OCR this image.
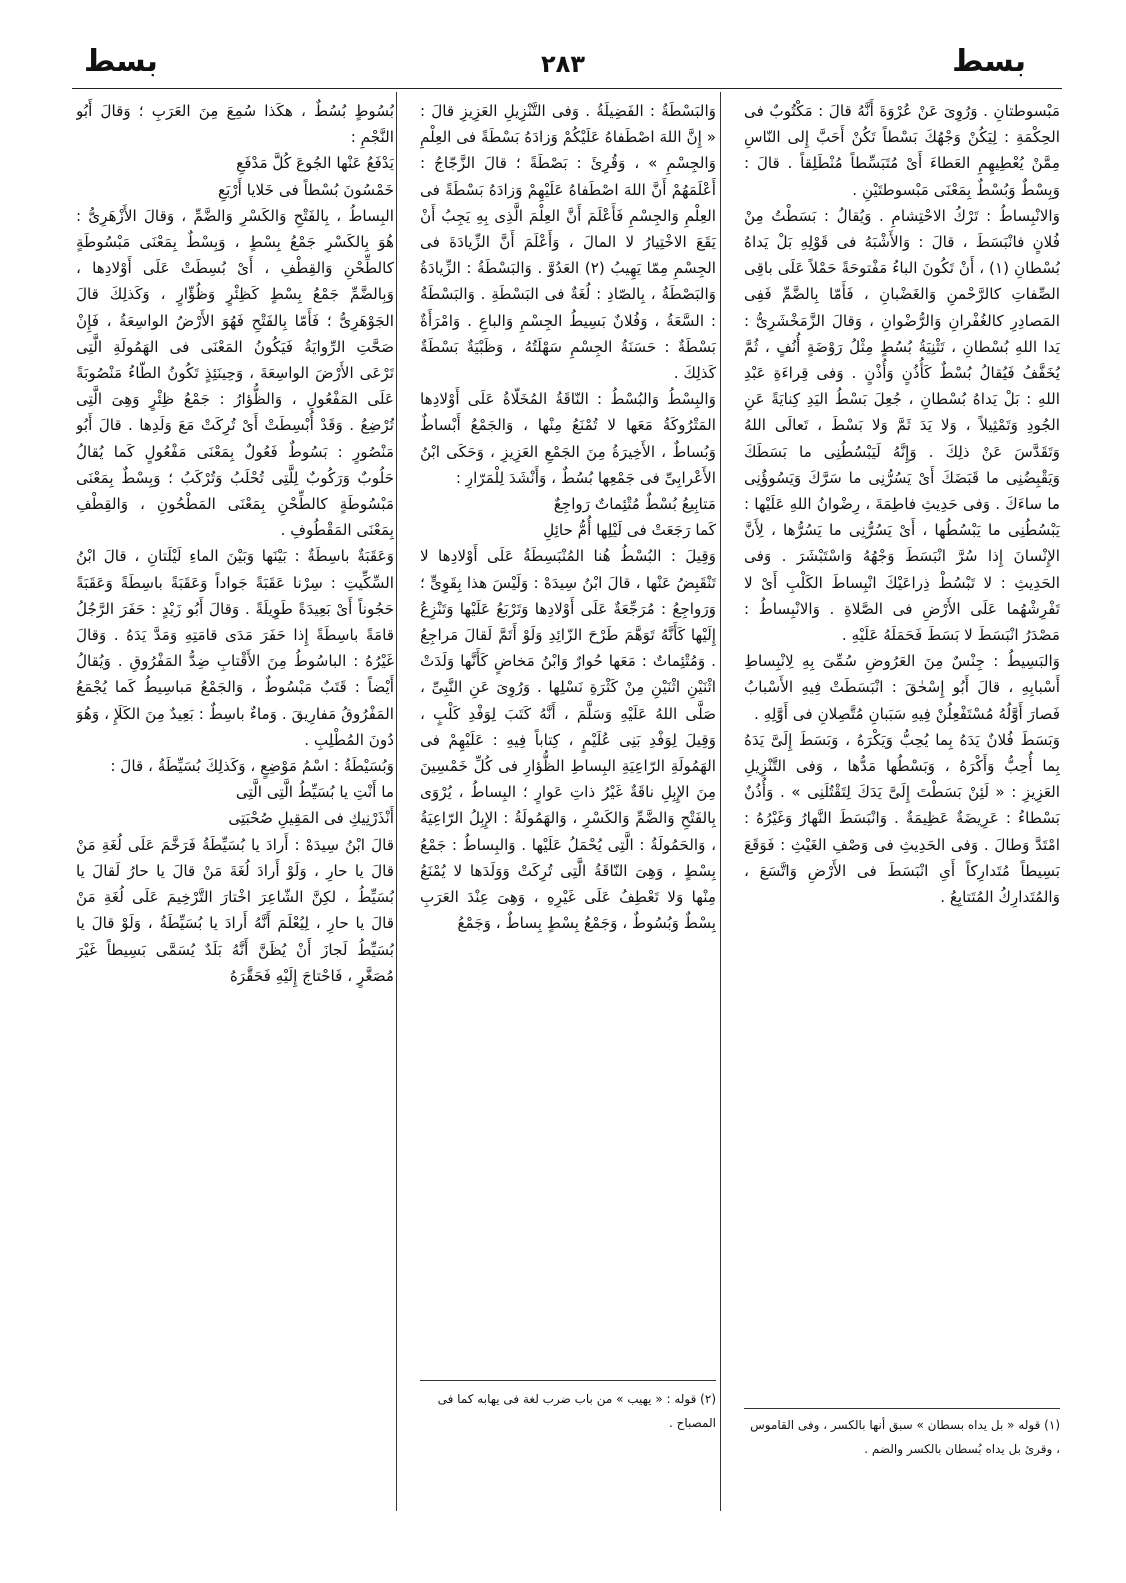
بسط
٢٨٣
بسط

مَبْسوطتانِ . وَرُوِىَ عَنْ عُرْوَةَ أَنَّهُ قالَ : مَكْتُوبٌ فى الحِكْمَةِ : لِيَكُنْ وَجْهُكَ بَسْطاً تَكُنْ أَحَبَّ إِلى النّاسِ مِمَّنْ يُعْطِيهِمِ العَطاءَ أَىْ مُتَبَسِّطاً مُنْطَلِقاً . قالَ : وَبِسْطٌ وَبُسْطٌ بِمَعْنَى مَبْسوطتَيْنِ .
وَالانْبِساطُ : تَرْكُ الاحْتِشامِ . وَيُقالُ : بَسَطْتُ مِنْ فُلانٍ فانْبَسَطَ ، قالَ : وَالأَشْبَهُ فى قَوْلِهِ بَلْ يَداهُ بُسْطانِ (١) ، أَنْ تَكُونَ الباءُ مَفْتوحَةً حَمْلاً عَلَى باقِى الصِّفاتِ كالرَّحْمنِ وَالغَضْبانِ ، فَأَمّا بِالضَّمِّ فَفِى المَصادِرِ كالغُفْرانِ وَالرُّضْوانِ ، وَقالَ الزَّمَخْشَرِىُّ : يَدا اللهِ بُسْطانِ ، تَثْنِيَةُ بُسُطٍ مِثْلُ رَوْضَةٍ أُنُفٍ ، ثُمَّ يُخَفَّفُ فَيُقالُ بُسْطٌ كَأُذُنٍ وَأُذْنٍ . وَفى قِراءَةِ عَبْدِ اللهِ : بَلْ يَداهُ بُسْطانِ ، جُعِلَ بَسْطُ اليَدِ كِنايَةً عَنِ الجُودِ وَتَمْثِيلاً ، وَلا يَدَ ثَمَّ وَلا بَسْطَ ، تَعالَى اللهُ وَتَقَدَّسَ عَنْ ذلِكَ . وَإِنَّهُ لَيَبْسُطُنِى ما بَسَطَكَ وَيَقْبِضُنِى ما قَبَضَكَ أَىْ يَسُرُّنِى ما سَرَّكَ وَيَسُوؤُنِى ما ساءَكَ . وَفى حَدِيثِ فاطِمَةَ ، رِضْوانُ اللهِ عَلَيْها : يَبْسُطُنِى ما يَبْسُطُها ، أَىْ يَسُرُّنِى ما يَسُرُّها ، لِأَنَّ الإِنْسانَ إِذا سُرَّ انْبَسَطَ وَجْهُهُ وَاسْتَبْشَرَ . وَفى الحَدِيثِ : لا تَبْسُطْ ذِراعَيْكَ انْبِساطَ الكَلْبِ أَىْ لا تَفْرِشْهُما عَلَى الأَرْضِ فى الصَّلاةِ . وَالانْبِساطُ : مَصْدَرُ انْبَسَطَ لا بَسَطَ فَحَمَلَهُ عَلَيْهِ .
وَالبَسِيطُ : جِنْسٌ مِنَ العَرُوضِ سُمِّىَ بِهِ لِانْبِساطِ أَسْبابِهِ ، قالَ أَبُو إِسْحٰقَ : انْبَسَطَتْ فِيهِ الأَسْبابُ فَصارَ أَوَّلُهُ مُسْتَفْعِلُنْ فِيهِ سَبَبانِ مُتَّصِلانِ فى أَوَّلِهِ .
وَبَسَطَ فُلانٌ يَدَهُ بِما يُحِبُّ وَيَكْرَهُ ، وَبَسَطَ إِلَىَّ يَدَهُ بِما أُحِبُّ وَأَكْرَهُ ، وَبَسْطُها مَدُّها ، وَفى التَّنْزِيلِ العَزِيزِ : « لَئِنْ بَسَطْتَ إِلَىَّ يَدَكَ لِتَقْتُلَنِى » . وَأُذُنٌ بَسْطاءُ : عَرِيضَةٌ عَظِيمَةٌ . وَانْبَسَطَ النَّهارُ وَغَيْرُهُ : امْتَدَّ وَطالَ . وَفى الحَدِيثِ فى وَصْفِ الغَيْثِ : فَوَقَعَ بَسِيطاً مُتَدارِكاً أَىِ انْبَسَطَ فى الأَرْضِ وَاتَّسَعَ ، وَالمُتَدارِكُ المُتَتابِعُ .

وَالبَسْطَةُ : الفَضِيلَةُ . وَفى التَّنْزِيلِ العَزِيزِ قالَ : « إِنَّ اللهَ اصْطَفاهُ عَلَيْكُمْ وَزادَهُ بَسْطَةً فى العِلْمِ وَالجِسْمِ » ، وَقُرِئَ : بَصْطَةً ؛ قالَ الزَّجّاجُ : أَعْلَمَهُمْ أَنَّ اللهَ اصْطَفاهُ عَلَيْهِمْ وَزادَهُ بَسْطَةً فى العِلْمِ وَالجِسْمِ فَأَعْلَمَ أَنَّ العِلْمَ الَّذِى بِهِ يَجِبُ أَنْ يَقَعَ الاخْتِيارُ لا المالَ ، وَأَعْلَمَ أَنَّ الزِّيادَةَ فى الجِسْمِ مِمّا يَهِيبُ (٢) العَدُوَّ . وَالبَسْطَةُ : الزِّيادَةُ وَالبَصْطَةُ ، بِالصّادِ : لُغَةٌ فى البَسْطَةِ . وَالبَسْطَةُ : السَّعَةُ ، وَفُلانٌ بَسِيطُ الجِسْمِ وَالباعِ . وَامْرَأَةٌ بَسْطَةٌ : حَسَنَةُ الجِسْمِ سَهْلَتُهُ ، وَظَبْيَةٌ بَسْطَةٌ كَذلِكَ .
وَالبِسْطُ وَالبُسْطُ : النّاقَةُ المُخَلّاةُ عَلَى أَوْلادِها المَتْرُوكَةُ مَعَها لا تُمْنَعُ مِنْها ، وَالجَمْعُ أَبْساطٌ وَبُساطٌ ، الأَخِيرَةُ مِنَ الجَمْعِ العَزِيزِ ، وَحَكَى ابْنُ الأَعْرابِىِّ فى جَمْعِها بُسُطٌ ، وَأَنْشَدَ لِلْمَرّارِ :
مَتابِيعُ بُسْطٌ مُتْئِماتٌ رَواجِعٌ
كَما رَجَعَتْ فى لَيْلِها أُمُّ حائِلِ
وَقِيلَ : البُسْطُ هُنا المُنْبَسِطَةُ عَلَى أَوْلادِها لا تَنْقَبِضُ عَنْها ، قالَ ابْنُ سِيدَهْ : وَلَيْسَ هذا بِقَوِىٍّ ؛ وَرَواجِعُ : مُرَجِّعَةٌ عَلَى أَوْلادِها وَتَرْبَعُ عَلَيْها وَتَنْزِعُ إِلَيْها كَأَنَّهُ تَوَهَّمَ طَرْحَ الزّائِدِ وَلَوْ أَتَمَّ لَقالَ مَراجِعُ . وَمُتْئِماتٌ : مَعَها حُوارٌ وَابْنُ مَخاضٍ كَأَنَّها وَلَدَتْ اثْنَيْنِ اثْنَيْنِ مِنْ كَثْرَةِ نَسْلِها . وَرُوِىَ عَنِ النَّبِىِّ ، صَلَّى اللهُ عَلَيْهِ وَسَلَّمَ ، أَنَّهُ كَتَبَ لِوَفْدِ كَلْبٍ ، وَقِيلَ لِوَفْدِ بَنِى عُلَيْمٍ ، كِتاباً فِيهِ : عَلَيْهِمْ فى الهَمُولَةِ الرّاعِيَةِ البِساطِ الظُّؤارِ فى كُلِّ خَمْسِينَ مِنَ الإِبِلِ ناقَةٌ غَيْرُ ذاتِ عَوارٍ ؛ البِساطُ ، يُرْوَى بِالفَتْحِ وَالضَّمِّ وَالكَسْرِ ، وَالهَمُولَةُ : الإِبِلُ الرّاعِيَةُ ، وَالحَمُولَةُ : الَّتِى يُحْمَلُ عَلَيْها . وَالبِساطُ : جَمْعُ بِسْطٍ ، وَهِىَ النّاقَةُ الَّتِى تُرِكَتْ وَوَلَدَها لا يُمْنَعُ مِنْها وَلا تَعْطِفُ عَلَى غَيْرِهِ ، وَهِىَ عِنْدَ العَرَبِ بِسْطٌ وَبُسُوطٌ ، وَجَمْعُ بِسْطٍ بِساطٌ ، وَجَمْعُ

بُسُوطٍ بُسُطٌ ، هكَذا سُمِعَ مِنَ العَرَبِ ؛ وَقالَ أَبُو النَّجْمِ :
يَدْفَعُ عَنْها الجُوعَ كُلَّ مَدْفَعِ
خَمْسُونَ بُسْطاً فى خَلايا أَرْبَعِ
البِساطُ ، بِالفَتْحِ وَالكَسْرِ وَالضَّمِّ ، وَقالَ الأَزْهَرِىُّ : هُوَ بِالكَسْرِ جَمْعُ بِسْطٍ ، وَبِسْطٌ بِمَعْنَى مَبْسُوطَةٍ كالطِّحْنِ وَالقِطْفِ ، أَىْ بُسِطَتْ عَلَى أَوْلادِها ، وَبِالضَّمِّ جَمْعُ بِسْطٍ كَظِئْرٍ وَظُؤّارٍ ، وَكَذلِكَ قالَ الجَوْهَرِىُّ ؛ فَأَمّا بِالفَتْحِ فَهُوَ الأَرْضُ الواسِعَةُ ، فَإِنْ صَحَّتِ الرِّوايَةُ فَيَكُونُ المَعْنَى فى الهَمُولَةِ الَّتِى تَرْعَى الأَرْضَ الواسِعَةَ ، وَحِينَئِذٍ تَكُونُ الطّاءُ مَنْصُوبَةً عَلَى المَفْعُولِ ، وَالظُّؤارُ : جَمْعُ ظِئْرٍ وَهِىَ الَّتِى تُرْضِعُ . وَقَدْ أُبْسِطَتْ أَىْ تُرِكَتْ مَعَ وَلَدِها . قالَ أَبُو مَنْصُورٍ : بَسُوطٌ فَعُولٌ بِمَعْنَى مَفْعُولٍ كَما يُقالُ حَلُوبٌ وَرَكُوبٌ لِلَّتِى تُحْلَبُ وَتُرْكَبُ ؛ وَبِسْطٌ بِمَعْنَى مَبْسُوطَةٍ كالطِّحْنِ بِمَعْنَى المَطْحُونِ ، وَالقِطْفِ بِمَعْنَى المَقْطُوفِ .
وَعَقَبَةٌ باسِطَةٌ : بَيْنَها وَبَيْنَ الماءِ لَيْلَتانِ ، قالَ ابْنُ السِّكِّيتِ : سِرْنا عَقَبَةً جَواداً وَعَقَبَةً باسِطَةً وَعَقَبَةً حَجُوناً أَىْ بَعِيدَةً طَوِيلَةً . وَقالَ أَبُو زَيْدٍ : حَفَرَ الرَّجُلُ قامَةً باسِطَةً إِذا حَفَرَ مَدَى قامَتِهِ وَمَدَّ يَدَهُ . وَقالَ غَيْرُهُ : الباسُوطُ مِنَ الأَقْتابِ ضِدُّ المَفْرُوقِ . وَيُقالُ أَيْضاً : قَتَبٌ مَبْسُوطٌ ، وَالجَمْعُ مَباسِيطُ كَما يُجْمَعُ المَفْرُوقُ مَفارِيقَ . وَماءٌ باسِطٌ : بَعِيدٌ مِنَ الكَلَإِ ، وَهُوَ دُونَ المُطْلِبِ .
وَبُسَيْطَةُ : اسْمُ مَوْضِعٍ ، وَكَذلِكَ بُسَيِّطَةُ ، قالَ :
ما أَنْتِ يا بُسَيِّطُ الَّتِى الَّتِى
أَنْذَرْنِيكِ فى المَقِيلِ صُحْبَتِى
قالَ ابْنُ سِيدَهْ : أَرادَ يا بُسَيِّطَةُ فَرَخَّمَ عَلَى لُغَةِ مَنْ قالَ يا حارِ ، وَلَوْ أَرادَ لُغَةَ مَنْ قالَ يا حارُ لَقالَ يا بُسَيِّطُ ، لكِنَّ الشّاعِرَ اخْتارَ التَّرْخِيمَ عَلَى لُغَةِ مَنْ قالَ يا حارِ ، لِيُعْلَمَ أَنَّهُ أَرادَ يا بُسَيِّطَةُ ، وَلَوْ قالَ يا بُسَيِّطُ لَجازَ أَنْ يُظَنَّ أَنَّهُ بَلَدٌ يُسَمَّى بَسِيطاً غَيْرَ مُصَغَّرٍ ، فَاحْتاجَ إِلَيْهِ فَحَقَّرَهُ

(١) قوله « بل يداه بسطان » سبق أنها بالكسر ، وفى القاموس ، وقرئ بل يداه بُسطان بالكسر والضم .
(٢) قوله : « يهيب » من باب ضرب لغة فى يهابه كما فى المصباح .
